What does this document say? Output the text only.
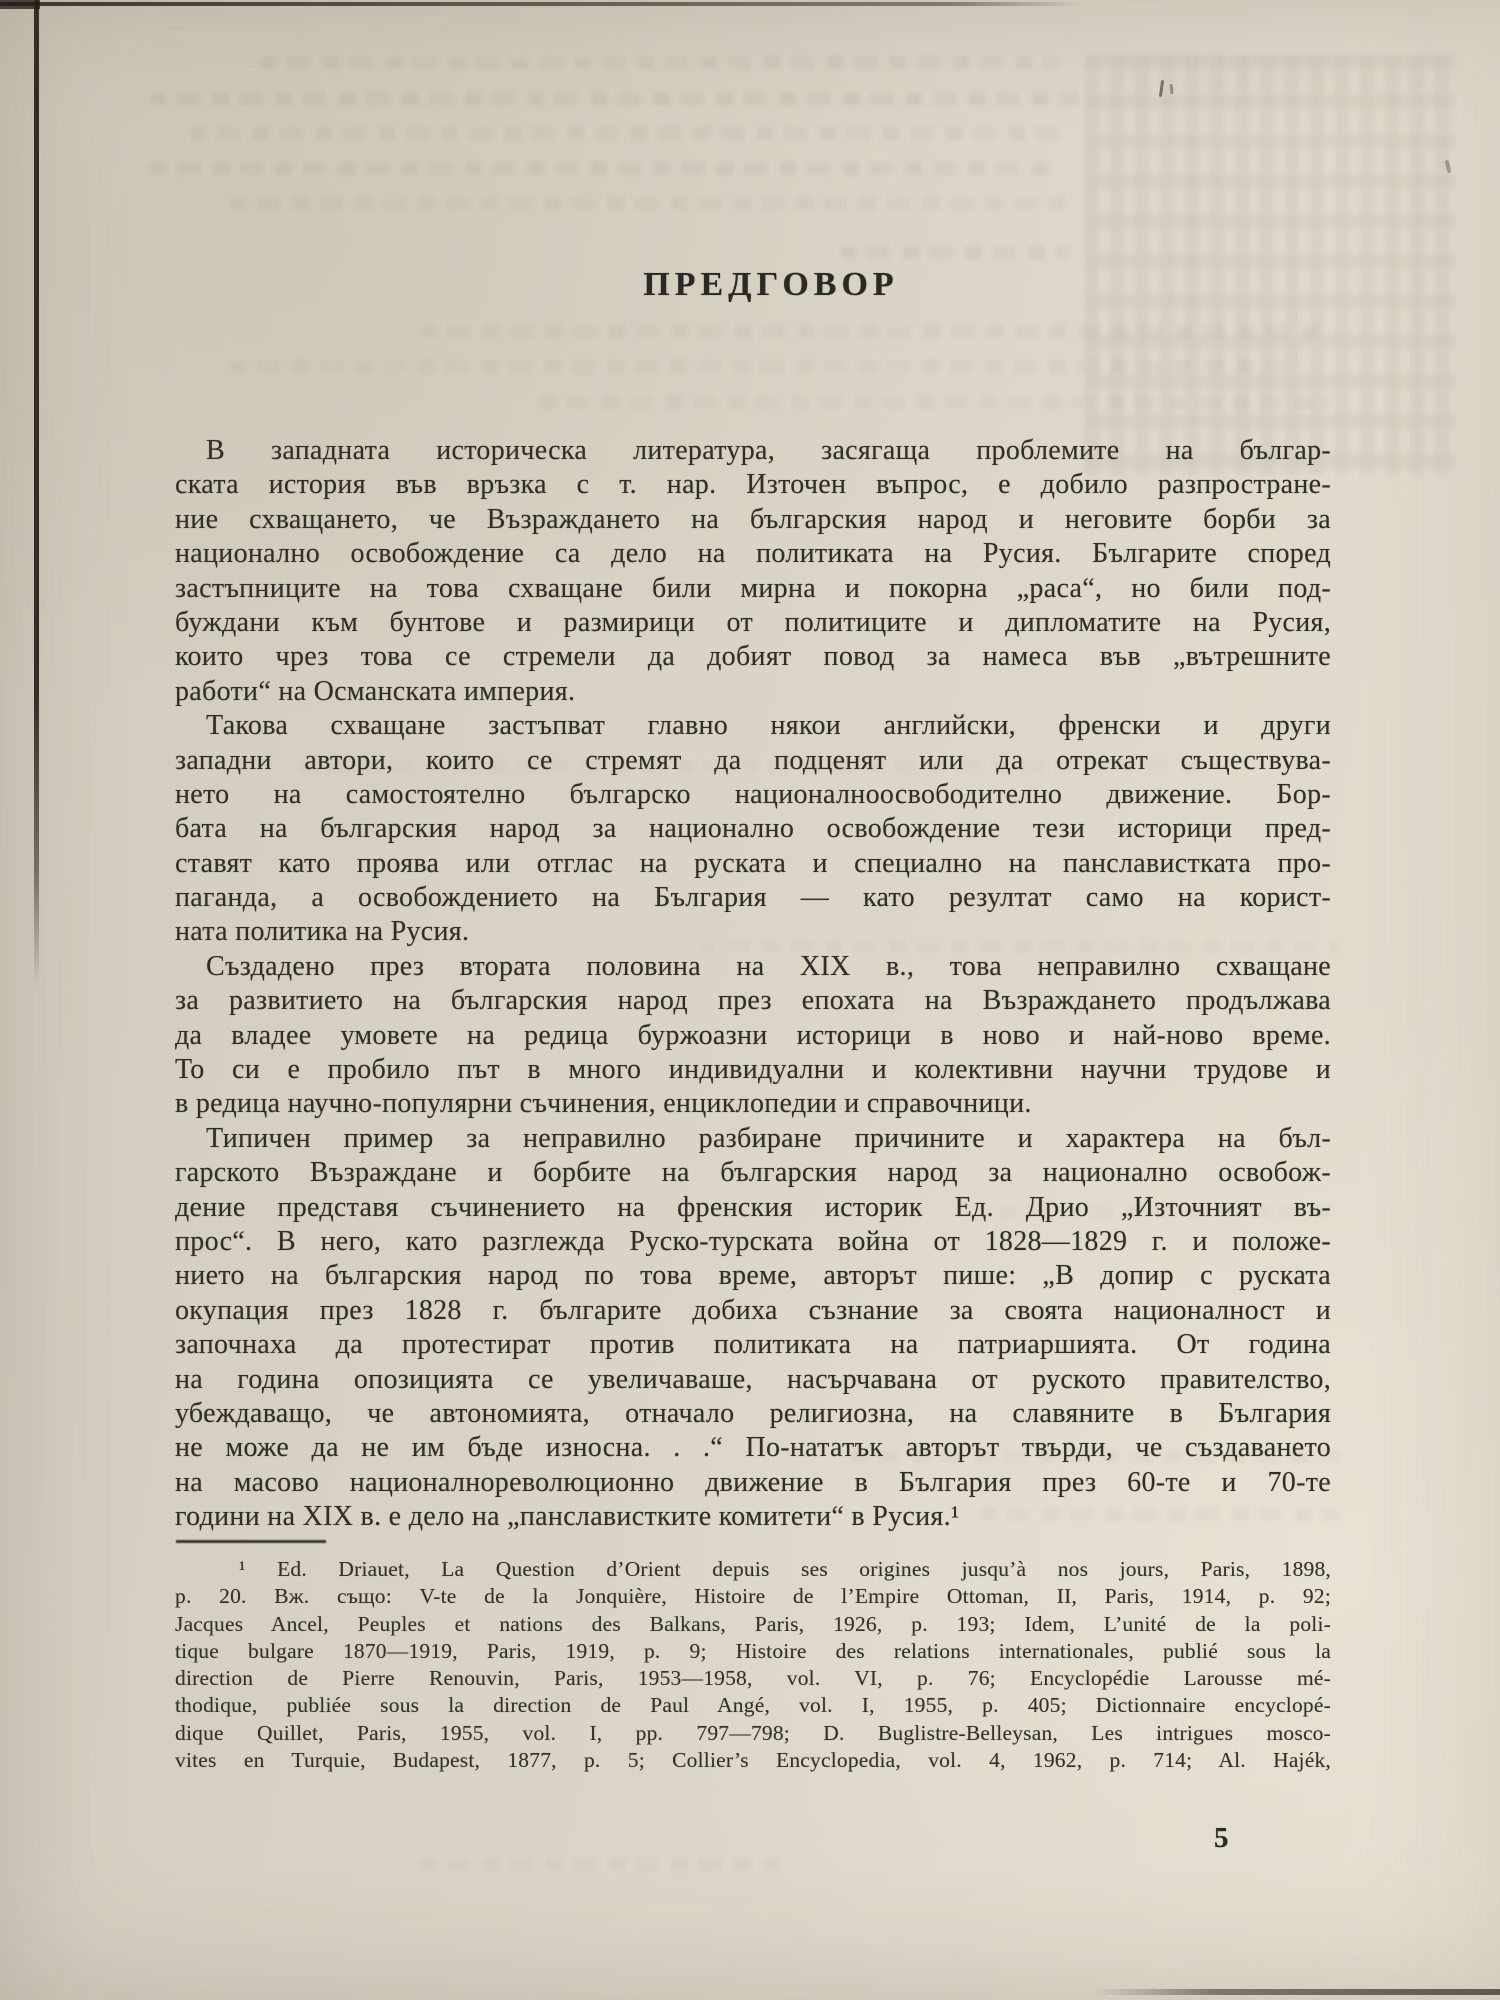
ПРЕДГОВОР
В западната историческа литература, засягаща проблемите на българ-
ската история във връзка с т. нар. Източен въпрос, е добило разпростране-
ние схващането, че Възраждането на българския народ и неговите борби за
национално освобождение са дело на политиката на Русия. Българите според
застъпниците на това схващане били мирна и покорна „раса“, но били под-
буждани към бунтове и размирици от политиците и дипломатите на Русия,
които чрез това се стремели да добият повод за намеса във „вътрешните
работи“ на Османската империя.
Такова схващане застъпват главно някои английски, френски и други
западни автори, които се стремят да подценят или да отрекат съществува-
нето на самостоятелно българско националноосвободително движение. Бор-
бата на българския народ за национално освобождение тези историци пред-
ставят като проява или отглас на руската и специално на панславистката про-
паганда, а освобождението на България — като резултат само на корист-
ната политика на Русия.
Създадено през втората половина на XIX в., това неправилно схващане
за развитието на българския народ през епохата на Възраждането продължава
да владее умовете на редица буржоазни историци в ново и най-ново време.
То си е пробило път в много индивидуални и колективни научни трудове и
в редица научно-популярни съчинения, енциклопедии и справочници.
Типичен пример за неправилно разбиране причините и характера на бъл-
гарското Възраждане и борбите на българския народ за национално освобож-
дение представя съчинението на френския историк Ед. Дрио „Източният въ-
прос“. В него, като разглежда Руско-турската война от 1828—1829 г. и положе-
нието на българския народ по това време, авторът пише: „В допир с руската
окупация през 1828 г. българите добиха съзнание за своята националност и
започнаха да протестират против политиката на патриаршията. От година
на година опозицията се увеличаваше, насърчавана от руското правителство,
убеждаващо, че автономията, отначало религиозна, на славяните в България
не може да не им бъде износна. . .“ По-нататък авторът твърди, че създаването
на масово националнореволюционно движение в България през 60-те и 70-те
години на XIX в. е дело на „панславистките комитети“ в Русия.¹
¹ Ed. Driauet, La Question d’Orient depuis ses origines jusqu’à nos jours, Paris, 1898,
p. 20. Вж. също: V-te de la Jonquière, Histoire de l’Empire Ottoman, II, Paris, 1914, p. 92;
Jacques Ancel, Peuples et nations des Balkans, Paris, 1926, p. 193; Idem, L’unité de la poli-
tique bulgare 1870—1919, Paris, 1919, p. 9; Histoire des relations internationales, publié sous la
direction de Pierre Renouvin, Paris, 1953—1958, vol. VI, p. 76; Encyclopédie Larousse mé-
thodique, publiée sous la direction de Paul Angé, vol. I, 1955, p. 405; Dictionnaire encyclopé-
dique Quillet, Paris, 1955, vol. I, pp. 797—798; D. Buglistre-Belleysan, Les intrigues mosco-
vites en Turquie, Budapest, 1877, p. 5; Collier’s Encyclopedia, vol. 4, 1962, p. 714; Al. Hajék,
5
